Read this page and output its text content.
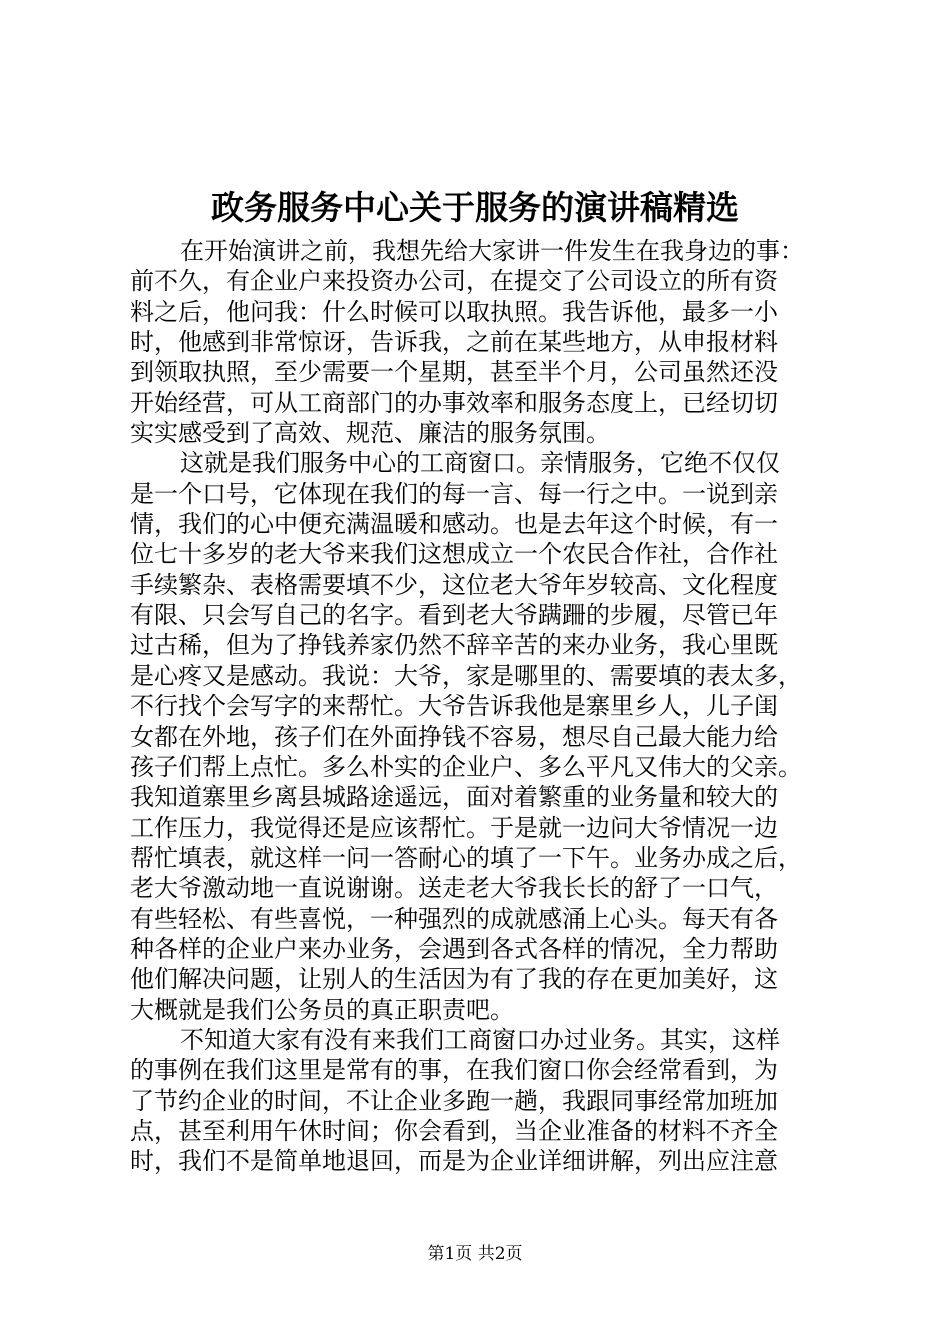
政务服务中心关于服务的演讲稿精选
在开始演讲之前，我想先给大家讲一件发生在我身边的事：
前不久，有企业户来投资办公司，在提交了公司设立的所有资
料之后，他问我：什么时候可以取执照。我告诉他，最多一小
时，他感到非常惊讶，告诉我，之前在某些地方，从申报材料
到领取执照，至少需要一个星期，甚至半个月，公司虽然还没
开始经营，可从工商部门的办事效率和服务态度上，已经切切
实实感受到了高效、规范、廉洁的服务氛围。
这就是我们服务中心的工商窗口。亲情服务，它绝不仅仅
是一个口号，它体现在我们的每一言、每一行之中。一说到亲
情，我们的心中便充满温暖和感动。也是去年这个时候，有一
位七十多岁的老大爷来我们这想成立一个农民合作社，合作社
手续繁杂、表格需要填不少，这位老大爷年岁较高、文化程度
有限、只会写自己的名字。看到老大爷蹒跚的步履，尽管已年
过古稀，但为了挣钱养家仍然不辞辛苦的来办业务，我心里既
是心疼又是感动。我说：大爷，家是哪里的、需要填的表太多，
不行找个会写字的来帮忙。大爷告诉我他是寨里乡人，儿子闺
女都在外地，孩子们在外面挣钱不容易，想尽自己最大能力给
孩子们帮上点忙。多么朴实的企业户、多么平凡又伟大的父亲。
我知道寨里乡离县城路途遥远，面对着繁重的业务量和较大的
工作压力，我觉得还是应该帮忙。于是就一边问大爷情况一边
帮忙填表，就这样一问一答耐心的填了一下午。业务办成之后，
老大爷激动地一直说谢谢。送走老大爷我长长的舒了一口气，
有些轻松、有些喜悦，一种强烈的成就感涌上心头。每天有各
种各样的企业户来办业务，会遇到各式各样的情况，全力帮助
他们解决问题，让别人的生活因为有了我的存在更加美好，这
大概就是我们公务员的真正职责吧。
不知道大家有没有来我们工商窗口办过业务。其实，这样
的事例在我们这里是常有的事，在我们窗口你会经常看到，为
了节约企业的时间，不让企业多跑一趟，我跟同事经常加班加
点，甚至利用午休时间；你会看到，当企业准备的材料不齐全
时，我们不是简单地退回，而是为企业详细讲解，列出应注意
第1页 共2页
